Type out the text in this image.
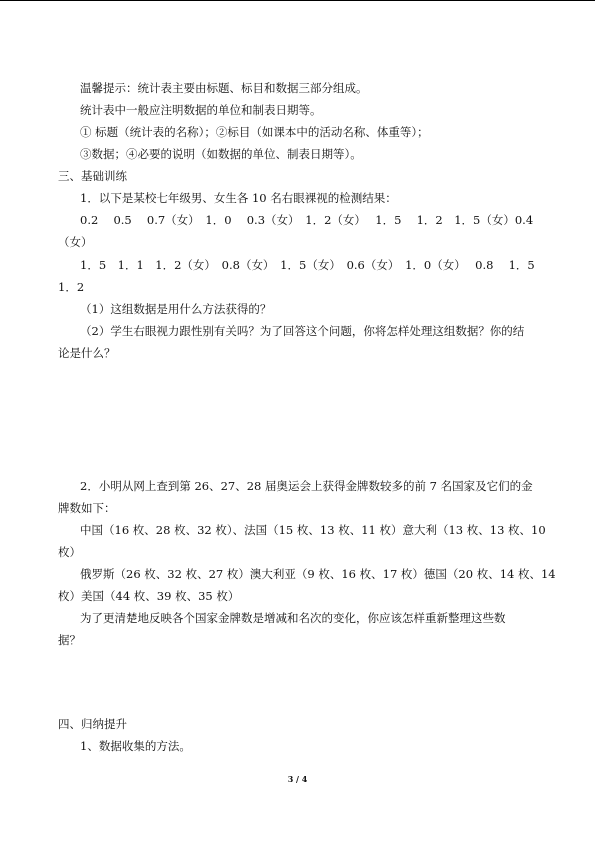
温馨提示：统计表主要由标题、标目和数据三部分组成。
统计表中一般应注明数据的单位和制表日期等。
① 标题（统计表的名称）；②标目（如课本中的活动名称、体重等）；
③数据；④必要的说明（如数据的单位、制表日期等）。
三、基础训练
1．以下是某校七年级男、女生各 10 名右眼裸视的检测结果：
0.2　 0.5　 0.7（女）　1．0　 0.3（女）　1．2（女）　 1．5　 1．2　1．5（女）0.4
（女）
1．5　1．1　1．2（女）　0.8（女）　1．5（女）　0.6（女）　1．0（女）　 0.8　 1．5
1．2
（1）这组数据是用什么方法获得的？
（2）学生右眼视力跟性别有关吗？为了回答这个问题，你将怎样处理这组数据？你的结
论是什么？
2．小明从网上查到第 26、27、28 届奥运会上获得金牌数较多的前 7 名国家及它们的金
牌数如下：
中国（16 枚、28 枚、32 枚）、法国（15 枚、13 枚、11 枚）意大利（13 枚、13 枚、10
枚）
俄罗斯（26 枚、32 枚、27 枚）澳大利亚（9 枚、16 枚、17 枚）德国（20 枚、14 枚、14
枚）美国（44 枚、39 枚、35 枚）
为了更清楚地反映各个国家金牌数是增减和名次的变化，你应该怎样重新整理这些数
据？
四、归纳提升
1、数据收集的方法。
3 / 4
